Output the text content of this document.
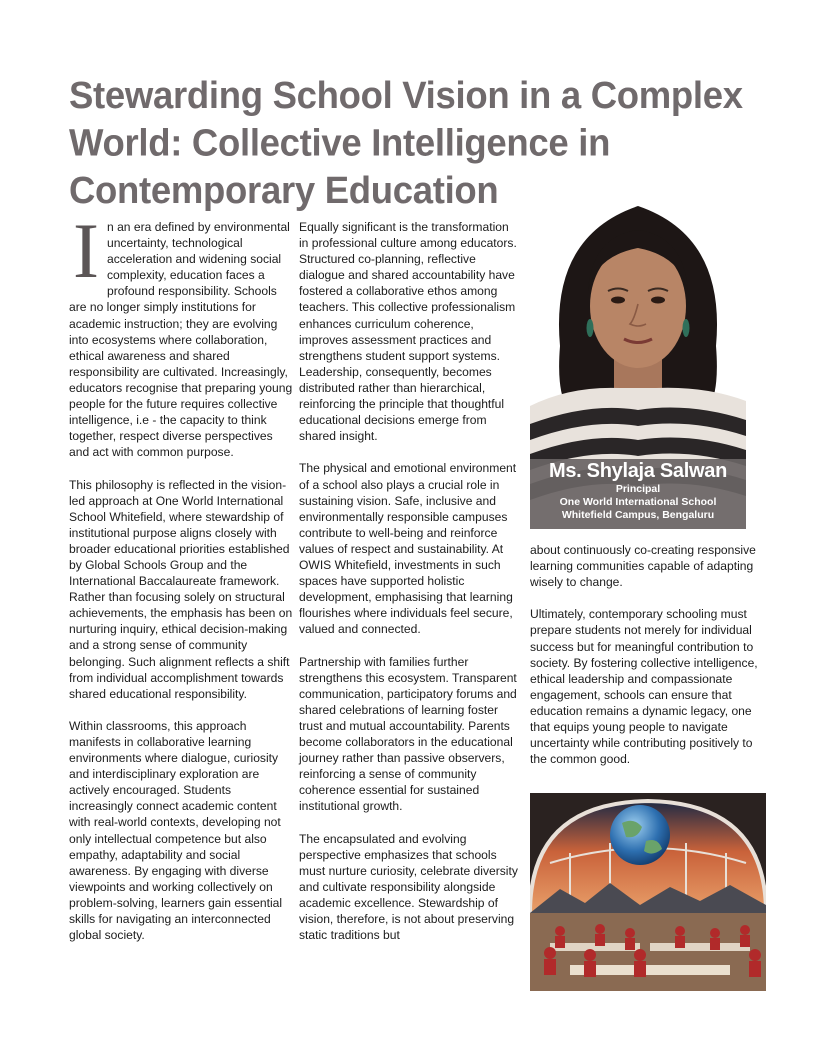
Stewarding School Vision in a Complex World: Collective Intelligence in Contemporary Education

In an era defined by environmental uncertainty, technological acceleration and widening social complexity, education faces a profound responsibility. Schools are no longer simply institutions for academic instruction; they are evolving into ecosystems where collaboration, ethical awareness and shared responsibility are cultivated. Increasingly, educators recognise that preparing young people for the future requires collective intelligence, i.e - the capacity to think together, respect diverse perspectives and act with common purpose.

This philosophy is reflected in the vision-led approach at One World International School Whitefield, where stewardship of institutional purpose aligns closely with broader educational priorities established by Global Schools Group and the International Baccalaureate framework. Rather than focusing solely on structural achievements, the emphasis has been on nurturing inquiry, ethical decision-making and a strong sense of community belonging. Such alignment reflects a shift from individual accomplishment towards shared educational responsibility.

Within classrooms, this approach manifests in collaborative learning environments where dialogue, curiosity and interdisciplinary exploration are actively encouraged. Students increasingly connect academic content with real-world contexts, developing not only intellectual competence but also empathy, adaptability and social awareness. By engaging with diverse viewpoints and working collectively on problem-solving, learners gain essential skills for navigating an interconnected global society.

Equally significant is the transformation in professional culture among educators. Structured co-planning, reflective dialogue and shared accountability have fostered a collaborative ethos among teachers. This collective professionalism enhances curriculum coherence, improves assessment practices and strengthens student support systems. Leadership, consequently, becomes distributed rather than hierarchical, reinforcing the principle that thoughtful educational decisions emerge from shared insight.

The physical and emotional environment of a school also plays a crucial role in sustaining vision. Safe, inclusive and environmentally responsible campuses contribute to well-being and reinforce values of respect and sustainability. At OWIS Whitefield, investments in such spaces have supported holistic development, emphasising that learning flourishes where individuals feel secure, valued and connected.

Partnership with families further strengthens this ecosystem. Transparent communication, participatory forums and shared celebrations of learning foster trust and mutual accountability. Parents become collaborators in the educational journey rather than passive observers, reinforcing a sense of community coherence essential for sustained institutional growth.

The encapsulated and evolving perspective emphasizes that schools must nurture curiosity, celebrate diversity and cultivate responsibility alongside academic excellence. Stewardship of vision, therefore, is not about preserving static traditions but

Ms. Shylaja Salwan
Principal
One World International School
Whitefield Campus, Bengaluru

about continuously co-creating responsive learning communities capable of adapting wisely to change.

Ultimately, contemporary schooling must prepare students not merely for individual success but for meaningful contribution to society. By fostering collective intelligence, ethical leadership and compassionate engagement, schools can ensure that education remains a dynamic legacy, one that equips young people to navigate uncertainty while contributing positively to the common good.
